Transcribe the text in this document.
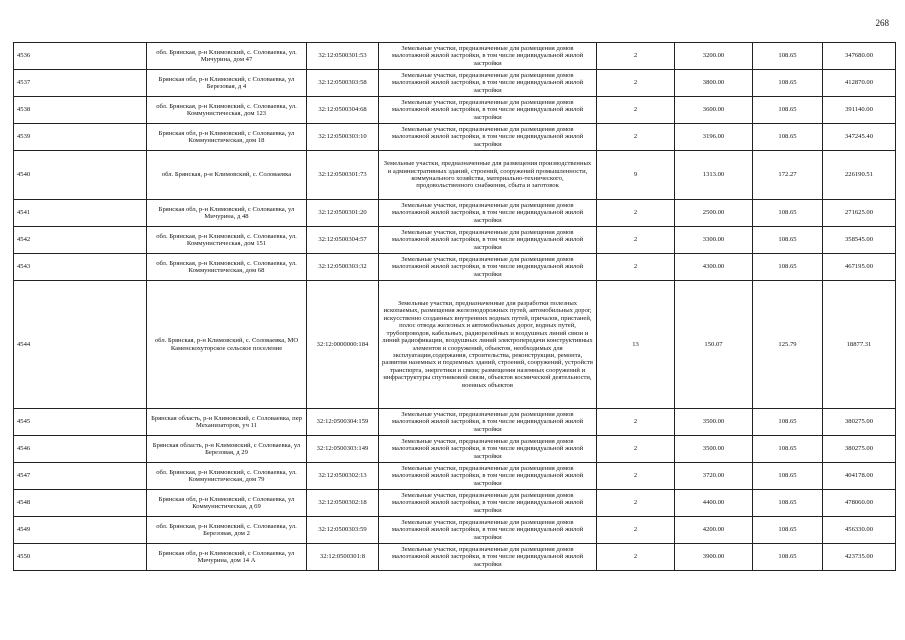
268
4536	обл. Брянская, р-н Климовский, с. Соловаевка, ул. Мичурина, дом 47	32:12:0500301:53	Земельные участки, предназначенные для размещения домов малоэтажной жилой застройки, в том числе индивидуальной жилой застройки	2	3200.00	108.65	347680.00
4537	Брянская обл, р-н Климовский, с Соловаевка, ул Березовая, д 4	32:12:0500303:58	Земельные участки, предназначенные для размещения домов малоэтажной жилой застройки, в том числе индивидуальной жилой застройки	2	3800.00	108.65	412870.00
4538	обл. Брянская, р-н Климовский, с. Соловаевка, ул. Коммунистическая, дом 123	32:12:0500304:68	Земельные участки, предназначенные для размещения домов малоэтажной жилой застройки, в том числе индивидуальной жилой застройки	2	3600.00	108.65	391140.00
4539	Брянская обл, р-н Климовский, с Соловаевка, ул Коммунистическая, дом 18	32:12:0500303:10	Земельные участки, предназначенные для размещения домов малоэтажной жилой застройки, в том числе индивидуальной жилой застройки	2	3196.00	108.65	347245.40
4540	обл. Брянская, р-н Климовский, с. Соловаевка	32:12:0500301:73	Земельные участки, предназначенные для размещения производственных и административных зданий, строений, сооружений промышленности, коммунального хозяйства, материально-технического, продовольственного снабжения, сбыта и заготовок	9	1313.00	172.27	226190.51
4541	Брянская обл, р-н Климовский, с Соловаевка, ул Мичурина, д 48	32:12:0500301:20	Земельные участки, предназначенные для размещения домов малоэтажной жилой застройки, в том числе индивидуальной жилой застройки	2	2500.00	108.65	271625.00
4542	обл. Брянская, р-н Климовский, с. Соловаевка, ул. Коммунистическая, дом 151	32:12:0500304:57	Земельные участки, предназначенные для размещения домов малоэтажной жилой застройки, в том числе индивидуальной жилой застройки	2	3300.00	108.65	358545.00
4543	обл. Брянская, р-н Климовский, с. Соловаевка, ул. Коммунистическая, дом 68	32:12:0500303:32	Земельные участки, предназначенные для размещения домов малоэтажной жилой застройки, в том числе индивидуальной жилой застройки	2	4300.00	108.65	467195.00
4544	обл. Брянская, р-н Климовский, с. Соловаевка, МО Каменскохуторское сельское поселение	32:12:0000000:184	Земельные участки, предназначенные для разработки полезных ископаемых, размещения железнодорожных путей, автомобильных дорог, искусственно созданных внутренних водных путей, причалов, пристаней, полос отвода железных и автомобильных дорог, водных путей, трубопроводов, кабельных, радиорелейных и воздушных линий связи и линий радиофикации, воздушных линий электропередачи конструктивных элементов и сооружений, объектов, необходимых для эксплуатации,содержания, строительства, реконструкции, ремонта, развития наземных и подземных зданий, строений, сооружений, устройств транспорта, энергетики и связи; размещения наземных сооружений и инфраструктуры спутниковой связи, объектов космической деятельности, военных объектов	13	150.07	125.79	18877.31
4545	Брянская область, р-н Климовский, с Соловаевка, пер Механизаторов, уч 11	32:12:0500304:159	Земельные участки, предназначенные для размещения домов малоэтажной жилой застройки, в том числе индивидуальной жилой застройки	2	3500.00	108.65	380275.00
4546	Брянская область, р-н Климовский, с Соловаевка, ул Березовая, д 29	32:12:0500303:149	Земельные участки, предназначенные для размещения домов малоэтажной жилой застройки, в том числе индивидуальной жилой застройки	2	3500.00	108.65	380275.00
4547	обл. Брянская, р-н Климовский, с. Соловаевка, ул. Коммунистическая, дом 79	32:12:0500302:13	Земельные участки, предназначенные для размещения домов малоэтажной жилой застройки, в том числе индивидуальной жилой застройки	2	3720.00	108.65	404178.00
4548	Брянская обл, р-н Климовский, с Соловаевка, ул Коммунистическая, д 69	32:12:0500302:18	Земельные участки, предназначенные для размещения домов малоэтажной жилой застройки, в том числе индивидуальной жилой застройки	2	4400.00	108.65	478060.00
4549	обл. Брянская, р-н Климовский, с. Соловаевка, ул. Березовая, дом 2	32:12:0500303:59	Земельные участки, предназначенные для размещения домов малоэтажной жилой застройки, в том числе индивидуальной жилой застройки	2	4200.00	108.65	456330.00
4550	Брянская обл, р-н Климовский, с Соловаевка, ул Мичурина, дом 14 А	32:12:0500301:8	Земельные участки, предназначенные для размещения домов малоэтажной жилой застройки, в том числе индивидуальной жилой застройки	2	3900.00	108.65	423735.00
